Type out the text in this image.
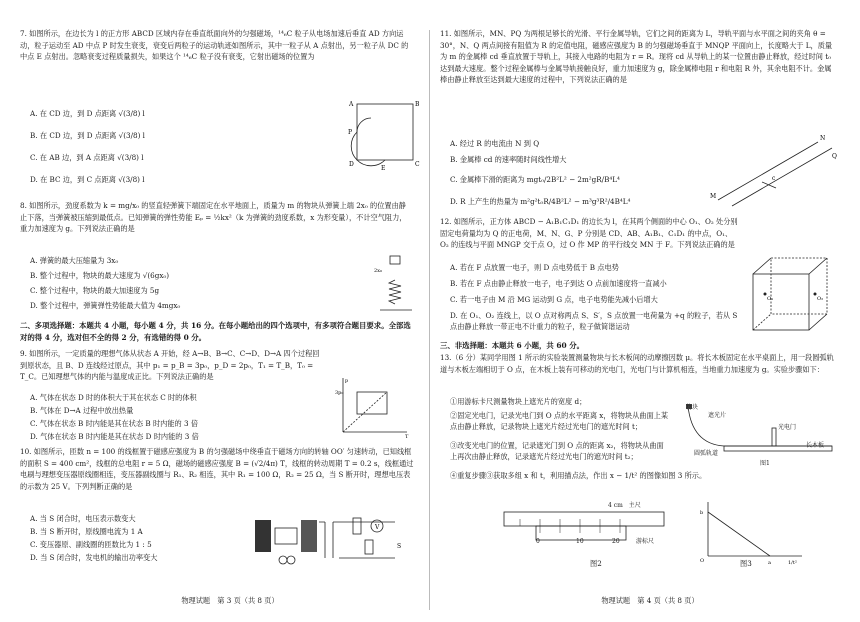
7. 如图所示，在边长为 l 的正方形 ABCD 区域内存在垂直纸面向外的匀强磁场，¹⁴₆C 粒子从电场加速后垂直 AD 方向运动，粒子运动至 AD 中点 P 时发生衰变，衰变后两粒子的运动轨迹如图所示，其中一粒子从 A 点射出，另一粒子从 DC 的中点 E 点射出。忽略衰变过程质量损失，如果这个 ¹⁴₆C 粒子没有衰变，它射出磁场的位置为
A. 在 CD 边，到 D 点距离 √(3/8) l
B. 在 CD 边，到 D 点距离 √(3/8) l
C. 在 AB 边，到 A 点距离 √(3/8) l
D. 在 BC 边，到 C 点距离 √(3/8) l
A	B
D	C
E
P
8. 如图所示，劲度系数为 k = mg/x₀ 的竖直轻弹簧下端固定在水平地面上，质量为 m 的物块从弹簧上端 2x₀ 的位置由静止下落，当弹簧被压缩到最低点。已知弹簧的弹性势能 Eₚ = ½kx²（k 为弹簧的劲度系数，x 为形变量），不计空气阻力，重力加速度为 g。下列说法正确的是
A. 弹簧的最大压缩量为 3x₀
B. 整个过程中，物块的最大速度为 √(6gx₀)
C. 整个过程中，物块的最大加速度为 5g
D. 整个过程中，弹簧弹性势能最大值为 4mgx₀
2x₀
二、多项选择题：本题共 4 小题，每小题 4 分，共 16 分。在每小题给出的四个选项中，有多项符合题目要求。全部选对的得 4 分，选对但不全的得 2 分，有选错的得 0 分。
9. 如图所示，一定质量的理想气体从状态 A 开始，经 A→B、B→C、C→D、D→A 四个过程回到原状态，且 B、D 连线经过原点，其中 p₁ = p_B = 3p₀，p_D = 2p₀，T₁ = T_B，T₀ = T_C。已知理想气体的内能与温度成正比。下列说法正确的是
A. 气体在状态 D 时的体积大于其在状态 C 时的体积
B. 气体在 D→A 过程中放出热量
C. 气体在状态 B 时内能是其在状态 B 时内能的 3 倍
D. 气体在状态 B 时内能是其在状态 D 时内能的 3 倍
3p₀
T
p
10. 如图所示，匝数 n = 100 的线框置于磁感应强度为 B 的匀强磁场中绕垂直于磁场方向的转轴 OO′ 匀速转动，已知线框的面积 S = 400 cm²，线框的总电阻 r = 5 Ω，磁场的磁感应强度 B = (√2/4π) T，线框的转动周期 T = 0.2 s，线框通过电刷与理想变压器原线圈相连，变压器副线圈与 R₁、R₂ 相连，其中 R₁ = 100 Ω，R₂ = 25 Ω，当 S 断开时，理想电压表的示数为 25 V。下列判断正确的是
A. 当 S 闭合时，电压表示数变大
B. 当 S 断开时，原线圈电流为 1 A
C. 变压器原、副线圈的匝数比为 1 : 5
D. 当 S 闭合时，发电机的输出功率变大
V
S
物理试题　第 3 页（共 8 页）
11. 如图所示，MN、PQ 为两根足够长的光滑、平行金属导轨，它们之间的距离为 L，导轨平面与水平面之间的夹角 θ = 30°，N、Q 两点间接有阻值为 R 的定值电阻，磁感应强度为 B 的匀强磁场垂直于 MNQP 平面向上，长度略大于 L，质量为 m 的金属棒 cd 垂直放置于导轨上，其接入电路的电阻为 r = R。现将 cd 从导轨上的某一位置由静止释放，经过时间 t₀ 达到最大速度。整个过程金属棒与金属导轨接触良好，重力加速度为 g，除金属棒电阻 r 和电阻 R 外，其余电阻不计。金属棒由静止释放至达到最大速度的过程中，下列说法正确的是
A. 经过 R 的电流由 N 到 Q
B. 金属棒 cd 的速率随时间线性增大
C. 金属棒下滑的距离为 mgt₀/2B²L² − 2m²gR/B⁴L⁴
D. R 上产生的热量为 m²g²t₀R/4B²L² − m³g³R²/4B⁴L⁴
M
N
Q
c
12. 如图所示，正方体 ABCD − A₁B₁C₁D₁ 的边长为 l，在其两个侧面的中心 O₁、O₂ 处分别固定电荷量均为 Q 的正电荷，M、N、G、P 分别是 CD、AB、A₁B₁、C₁D₁ 的中点，O₁、O₂ 的连线与平面 MNGP 交于点 O，过 O 作 MP 的平行线交 MN 于 F。下列说法正确的是
A. 若在 F 点放置一电子，则 D 点电势低于 B 点电势
B. 若在 F 点由静止释放一电子，电子到达 O 点前加速度将一直减小
C. 若一电子由 M 沿 MG 运动到 G 点，电子电势能先减小后增大
D. 在 O₁、O₂ 连线上，以 O 点对称两点 S、S′，S 点放置一电荷量为 +q 的粒子，若从 S 点由静止释放一带正电不计重力的粒子，粒子做简谐运动
O₁	O₂
三、非选择题：本题共 6 小题，共 60 分。
13.（6 分）某同学用图 1 所示的实验装置测量物块与长木板间的动摩擦因数 μ。将长木板固定在水平桌面上，用一段圆弧轨道与木板左端相切于 O 点，在木板上装有可移动的光电门，光电门与计算机相连，当地重力加速度为 g。实验步骤如下：
①用游标卡尺测量物块上遮光片的宽度 d；
②固定光电门，记录光电门到 O 点的水平距离 x，将物块从曲面上某点由静止释放，记录物块上遮光片经过光电门的遮光时间 t；
③改变光电门的位置，记录遮光门到 O 点的距离 x₂，将物块从曲面上再次由静止释放，记录遮光片经过光电门的遮光时间 t₂；
④重复步骤③获取多组 x 和 t，利用描点法，作出 x − 1/t² 的图像如图 3 所示。
物块
遮光片
光电门
圆弧轨道
长木板
图1
4 cm　主尺
0	10	20	游标尺
图2
b
O	a	1/t²
图3
物理试题　第 4 页（共 8 页）
